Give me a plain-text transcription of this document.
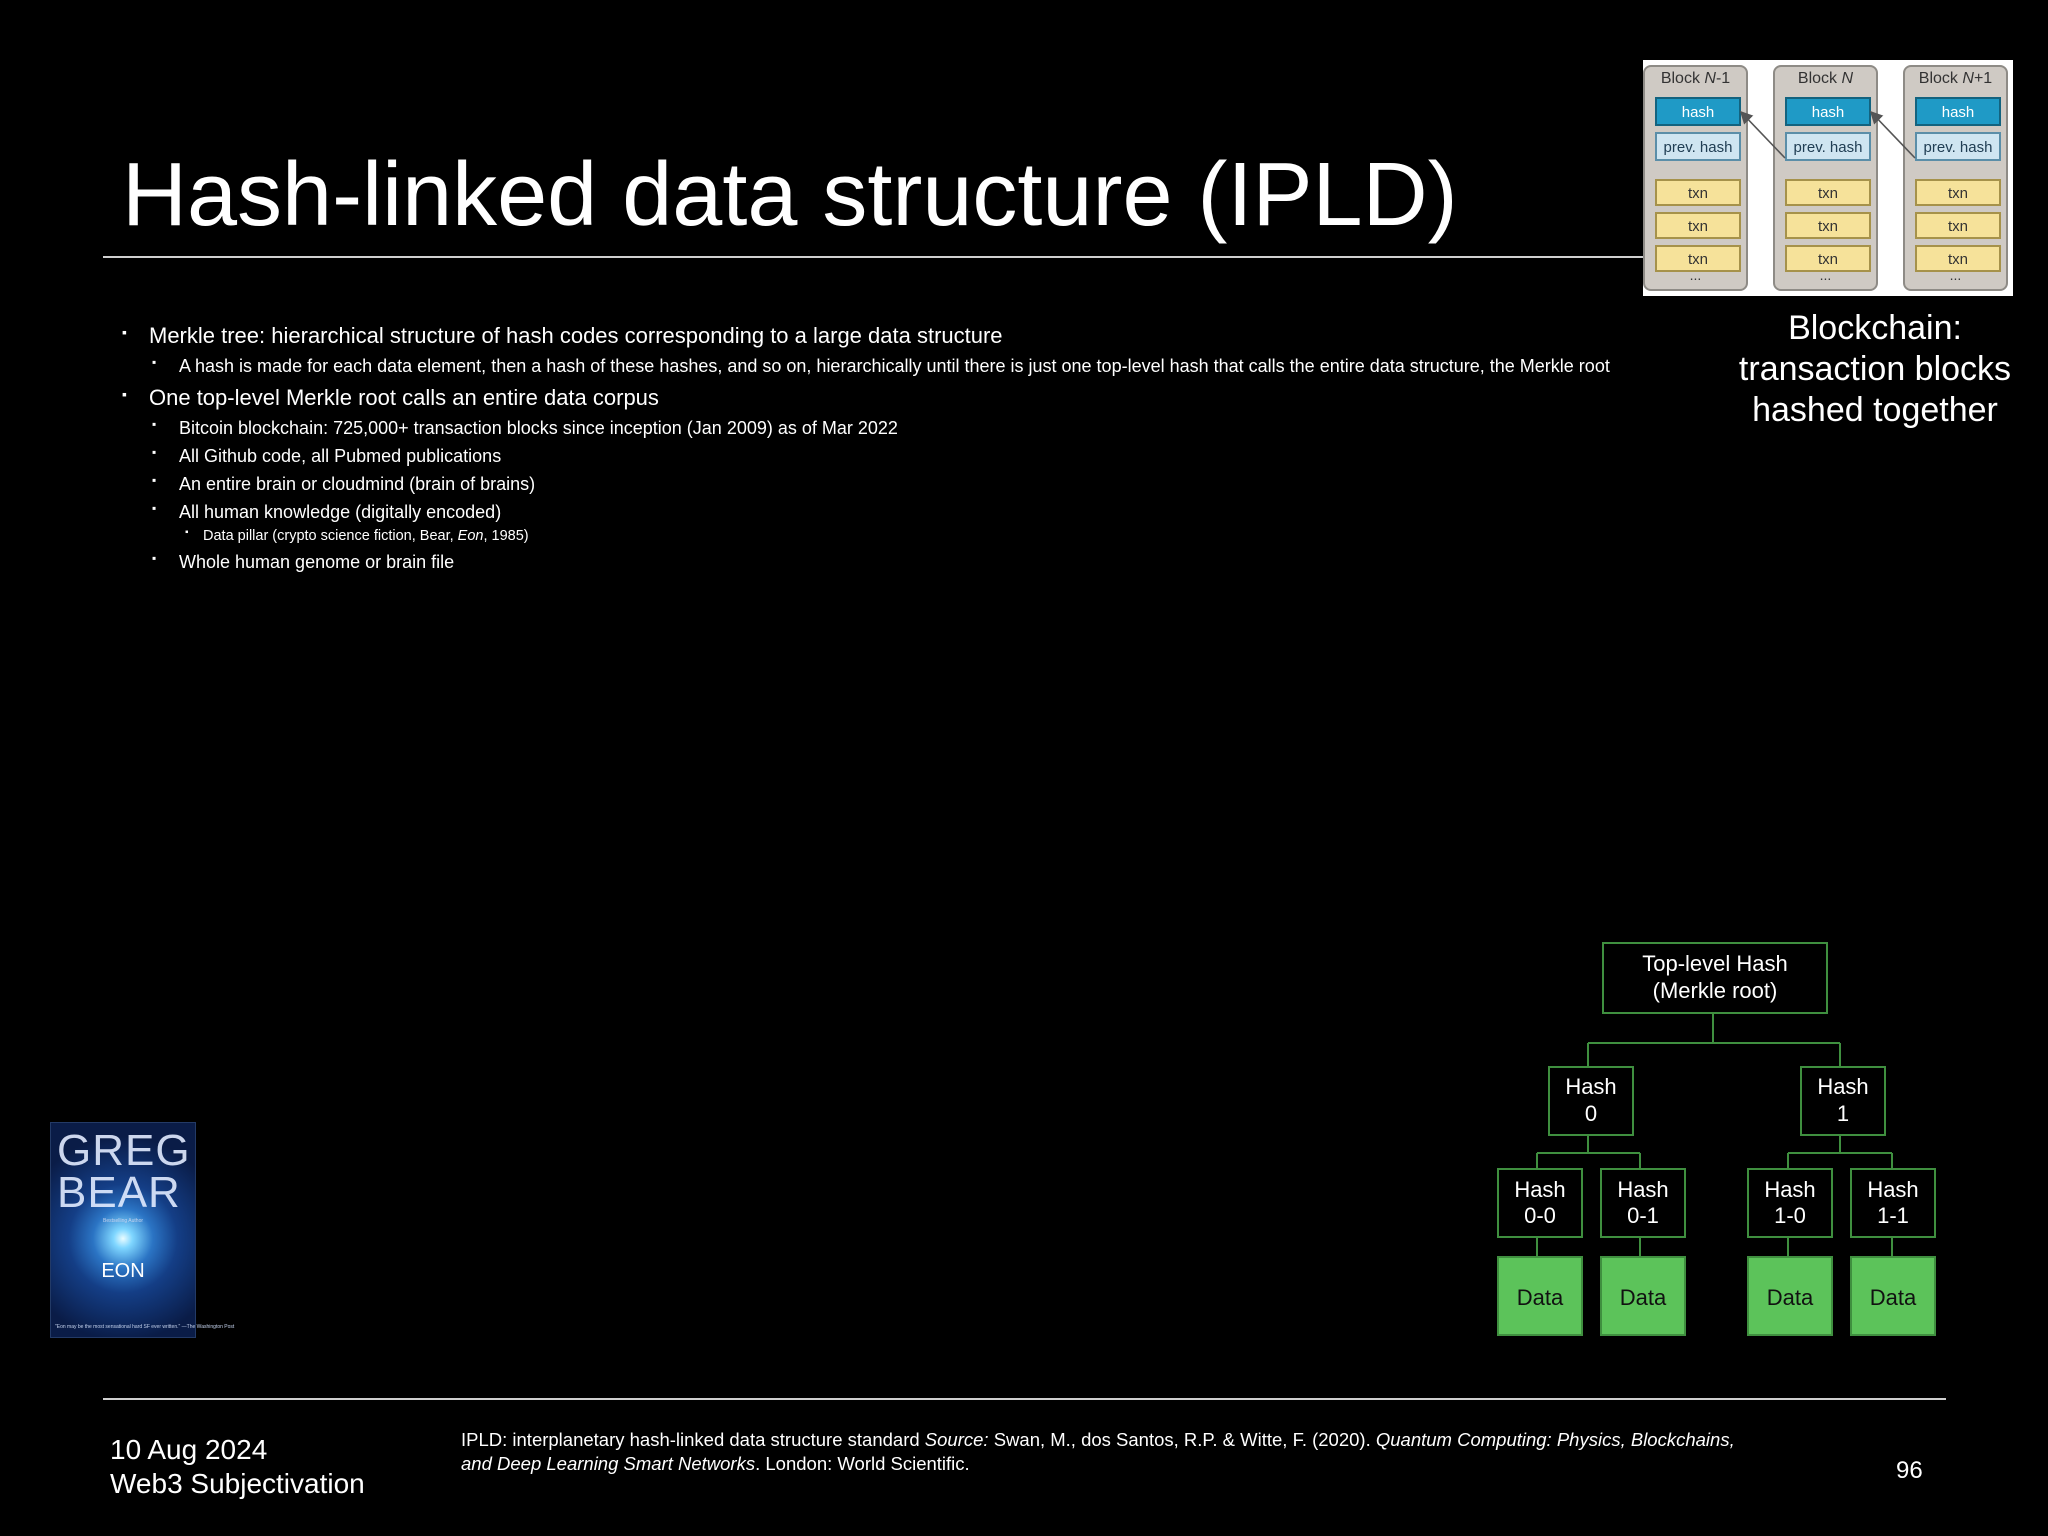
Hash-linked data structure (IPLD)
▪ Merkle tree: hierarchical structure of hash codes corresponding to a large data structure
▪ A hash is made for each data element, then a hash of these hashes, and so on, hierarchically until there is just one top-level hash that calls the entire data structure, the Merkle root
▪ One top-level Merkle root calls an entire data corpus
▪ Bitcoin blockchain: 725,000+ transaction blocks since inception (Jan 2009) as of Mar 2022
▪ All Github code, all Pubmed publications
▪ An entire brain or cloudmind (brain of brains)
▪ All human knowledge (digitally encoded)
▪ Data pillar (crypto science fiction, Bear, Eon, 1985)
▪ Whole human genome or brain file
Block N-1
hash
prev. hash
txn
txn
txn
...
Block N
hash
prev. hash
txn
txn
txn
...
Block N+1
hash
prev. hash
txn
txn
txn
...
Blockchain:
transaction blocks
hashed together
Top-level Hash
(Merkle root)
Hash
0
Hash
1
Hash
0-0
Hash
0-1
Hash
1-0
Hash
1-1
Data	Data	Data	Data
GREG
BEAR
Bestselling Author
EON
"Eon may be the most sensational hard SF ever written." —The Washington Post
10 Aug 2024
Web3 Subjectivation
IPLD: interplanetary hash-linked data structure standard Source: Swan, M., dos Santos, R.P. & Witte, F. (2020). Quantum Computing: Physics, Blockchains, and Deep Learning Smart Networks. London: World Scientific.	96
